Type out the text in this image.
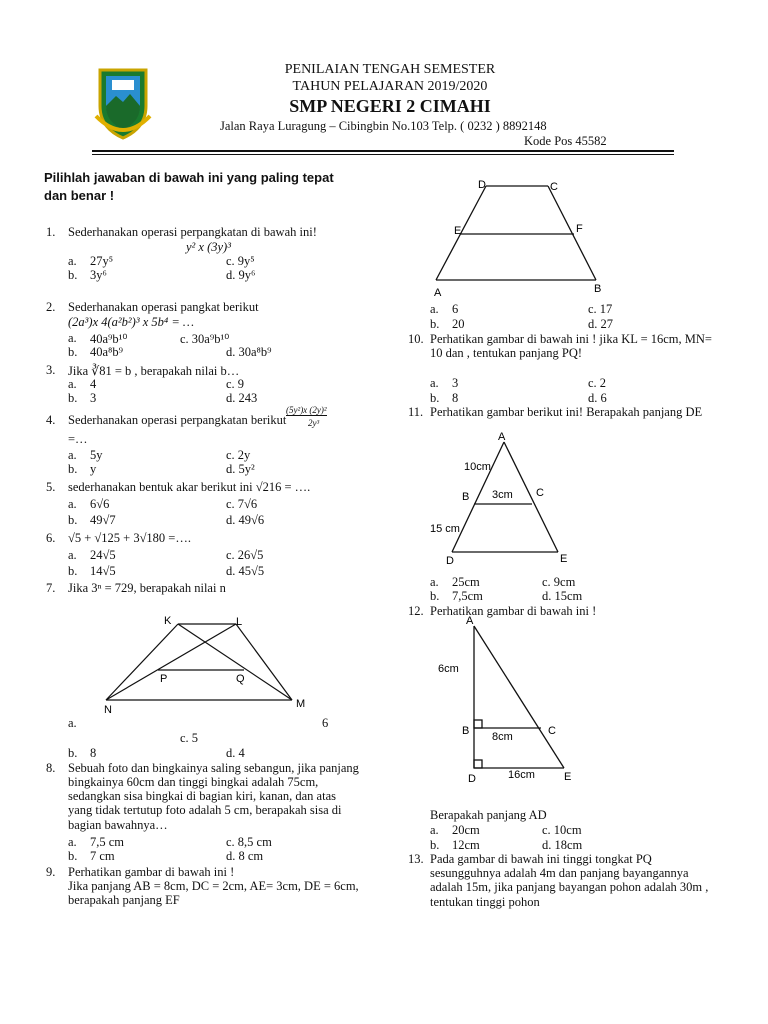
PENILAIAN TENGAH SEMESTER
TAHUN PELAJARAN 2019/2020
SMP NEGERI 2 CIMAHI
Jalan Raya Luragung – Cibingbin No.103 Telp. ( 0232 ) 8892148
Kode Pos 45582
Pilihlah jawaban di bawah ini yang paling tepat
dan benar !
1. Sederhanakan operasi perpangkatan di bawah ini!
y² x (3y)³
a. 27y⁵	c. 9y⁵
b. 3y⁶	d. 9y⁶
2. Sederhanakan operasi pangkat berikut
(2a³)x 4(a²b²)³ x 5b⁴ = …
a. 40a⁹b¹⁰	c. 30a⁹b¹⁰
b. 40a⁸b⁹	d. 30a⁸b⁹
3. Jika ∛81 = b , berapakah nilai b…
a. 4	c. 9
b. 3	d. 243
4. Sederhanakan operasi perpangkatan berikut
(5y²)x (2y)²
2y³
=…
a. 5y	c. 2y
b. y	d. 5y²
5. sederhanakan bentuk akar berikut ini √216 = ….
a. 6√6	c. 7√6
b. 49√7	d. 49√6
6. √5 + √125 + 3√180 =….
a. 24√5	c. 26√5
b. 14√5	d. 45√5
7. Jika 3ⁿ = 729, berapakah nilai n
K	L
P	Q
N	M
a.	6
c. 5
b. 8	d. 4
8. Sebuah foto dan bingkainya saling sebangun, jika panjang
bingkainya 60cm dan tinggi bingkai adalah 75cm,
sedangkan sisa bingkai di bagian kiri, kanan, dan atas
yang tidak tertutup foto adalah 5 cm, berapakah sisa di
bagian bawahnya…
a. 7,5 cm	c. 8,5 cm
b. 7 cm	d. 8 cm
9. Perhatikan gambar di bawah ini !
Jika panjang AB = 8cm, DC = 2cm, AE= 3cm, DE = 6cm,
berapakah panjang EF
D	C
E	F
A	B
a. 6	c. 17
b. 20	d. 27
10. Perhatikan gambar di bawah ini ! jika KL = 16cm, MN=
10 dan , tentukan panjang PQ!
a. 3	c. 2
b. 8	d. 6
11. Perhatikan gambar berikut ini! Berapakah panjang DE
A
10cm
B 3cm C
15 cm
D	E
a. 25cm	c. 9cm
b. 7,5cm	d. 15cm
12. Perhatikan gambar di bawah ini !
A
6cm
B 8cm	C
D	16cm	E
Berapakah panjang AD
a. 20cm	c. 10cm
b. 12cm	d. 18cm
13. Pada gambar di bawah ini tinggi tongkat PQ
sesungguhnya adalah 4m dan panjang bayangannya
adalah 15m, jika panjang bayangan pohon adalah 30m ,
tentukan tinggi pohon
